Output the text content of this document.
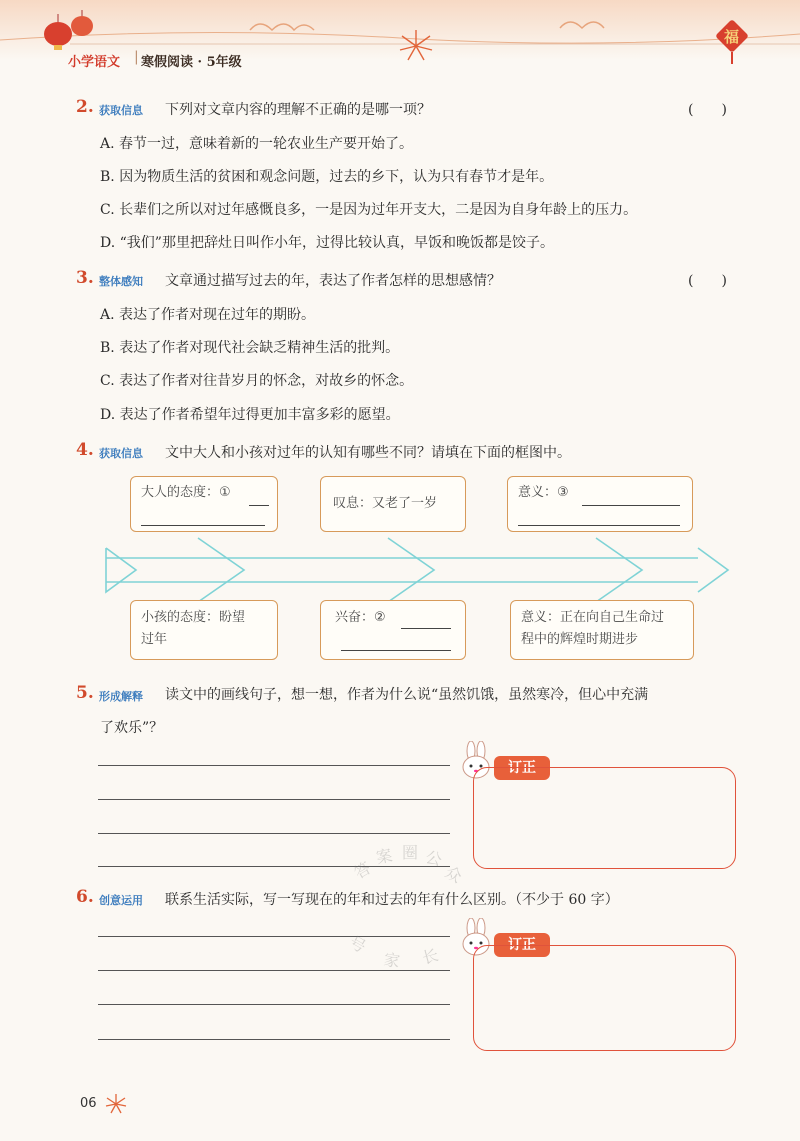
福
小学语文 | 寒假阅读 · 5年级
2. 获取信息 下列对文章内容的理解不正确的是哪一项？	(　　)
A. 春节一过，意味着新的一轮农业生产要开始了。
B. 因为物质生活的贫困和观念问题，过去的乡下，认为只有春节才是年。
C. 长辈们之所以对过年感慨良多，一是因为过年开支大，二是因为自身年龄上的压力。
D. “我们”那里把辞灶日叫作小年，过得比较认真，早饭和晚饭都是饺子。
3. 整体感知 文章通过描写过去的年，表达了作者怎样的思想感情？	(　　)
A. 表达了作者对现在过年的期盼。
B. 表达了作者对现代社会缺乏精神生活的批判。
C. 表达了作者对往昔岁月的怀念，对故乡的怀念。
D. 表达了作者希望年过得更加丰富多彩的愿望。
4. 获取信息 文中大人和小孩对过年的认知有哪些不同？请填在下面的框图中。
大人的态度：①
叹息：又老了一岁
意义：③
小孩的态度：盼望
过年
兴奋：②	意义：正在向自己生命过
程中的辉煌时期进步
5. 形成解释 读文中的画线句子，想一想，作者为什么说“虽然饥饿，虽然寒冷，但心中充满
了欢乐”？
订正
6. 创意运用 联系生活实际，写一写现在的年和过去的年有什么区别。（不少于 60 字）
订正
答
案 圈 公
众
号
家 长
06
